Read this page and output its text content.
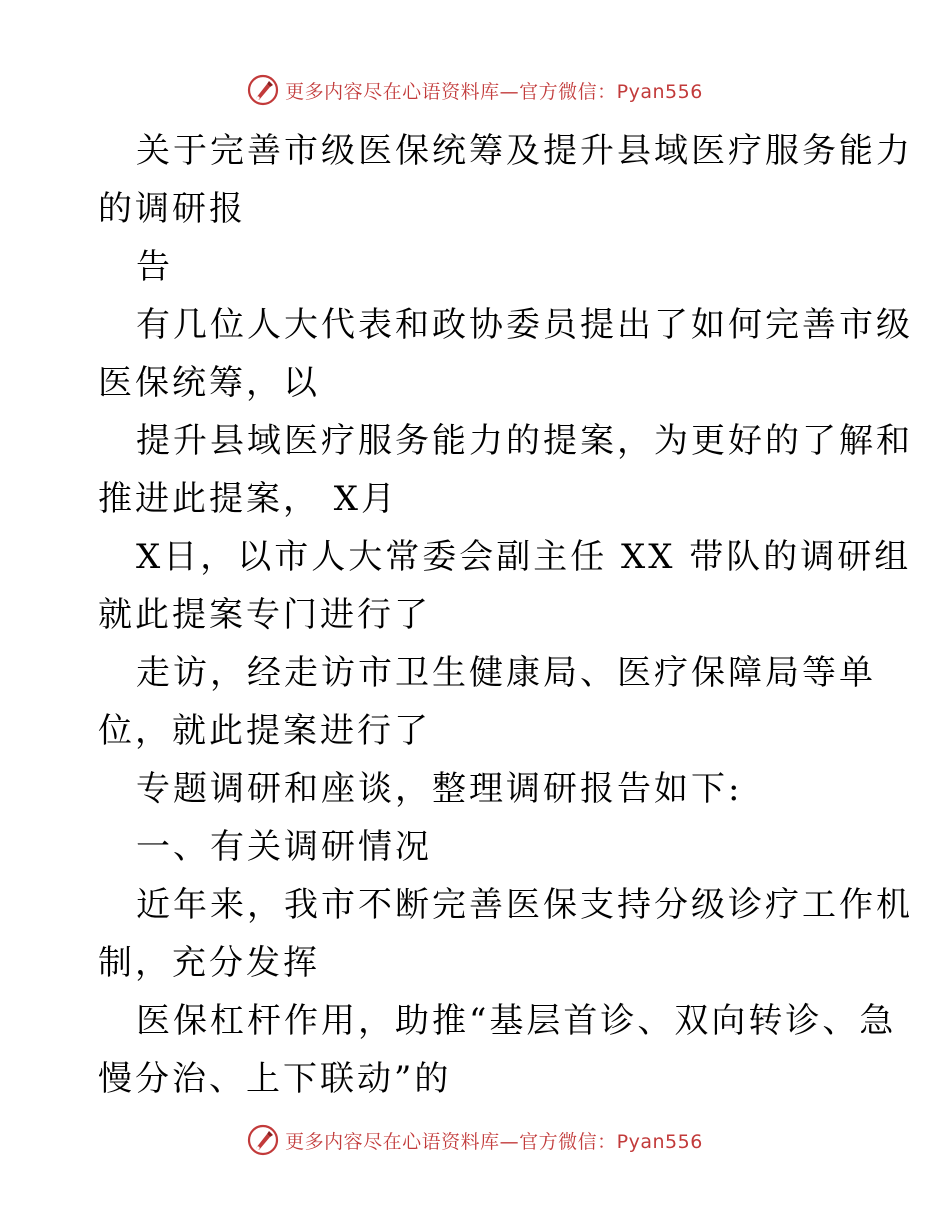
更多内容尽在心语资料库—官方微信：Pyan556
关于完善市级医保统筹及提升县域医疗服务能力
的调研报
告
有几位人大代表和政协委员提出了如何完善市级
医保统筹，以
提升县域医疗服务能力的提案，为更好的了解和
推进此提案， X月
X日，以市人大常委会副主任 XX 带队的调研组
就此提案专门进行了
走访，经走访市卫生健康局、医疗保障局等单
位，就此提案进行了
专题调研和座谈，整理调研报告如下:
一、有关调研情况
近年来，我市不断完善医保支持分级诊疗工作机
制，充分发挥
医保杠杆作用，助推“基层首诊、双向转诊、急
慢分治、上下联动”的
更多内容尽在心语资料库—官方微信：Pyan556
